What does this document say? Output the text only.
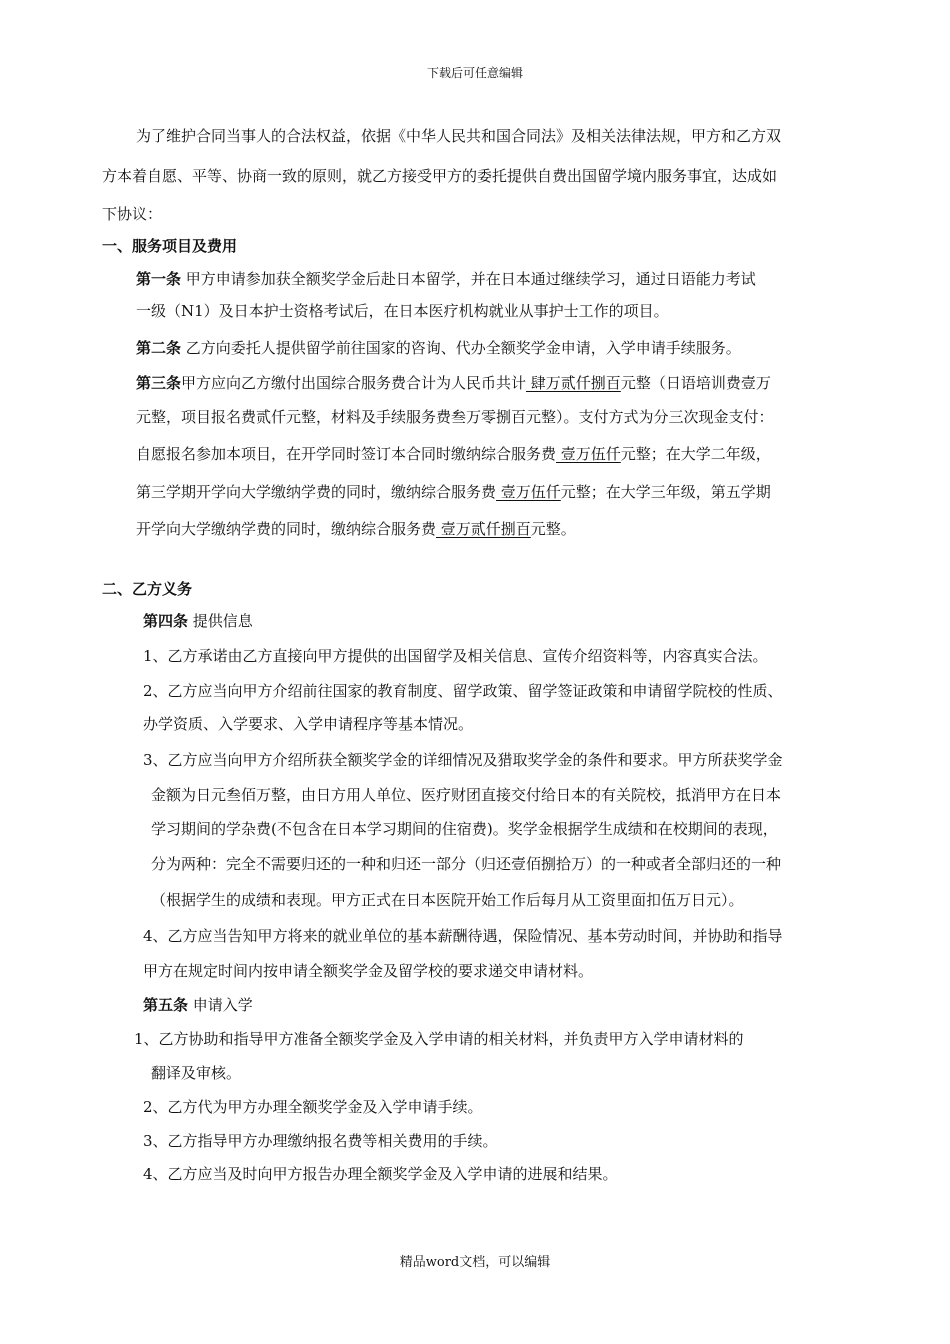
下载后可任意编辑
为了维护合同当事人的合法权益，依据《中华人民共和国合同法》及相关法律法规，甲方和乙方双
方本着自愿、平等、协商一致的原则，就乙方接受甲方的委托提供自费出国留学境内服务事宜，达成如
下协议：
一、服务项目及费用
第一条 甲方申请参加获全额奖学金后赴日本留学，并在日本通过继续学习，通过日语能力考试
一级（N1）及日本护士资格考试后，在日本医疗机构就业从事护士工作的项目。
第二条 乙方向委托人提供留学前往国家的咨询、代办全额奖学金申请，入学申请手续服务。
第三条甲方应向乙方缴付出国综合服务费合计为人民币共计 肆万贰仟捌百元整（日语培训费壹万
元整，项目报名费贰仟元整，材料及手续服务费叁万零捌百元整）。支付方式为分三次现金支付：
自愿报名参加本项目，在开学同时签订本合同时缴纳综合服务费 壹万伍仟元整；在大学二年级，
第三学期开学向大学缴纳学费的同时，缴纳综合服务费 壹万伍仟元整；在大学三年级，第五学期
开学向大学缴纳学费的同时，缴纳综合服务费 壹万贰仟捌百元整。
二、乙方义务
第四条 提供信息
1、乙方承诺由乙方直接向甲方提供的出国留学及相关信息、宣传介绍资料等，内容真实合法。
2、乙方应当向甲方介绍前往国家的教育制度、留学政策、留学签证政策和申请留学院校的性质、
办学资质、入学要求、入学申请程序等基本情况。
3、乙方应当向甲方介绍所获全额奖学金的详细情况及猎取奖学金的条件和要求。甲方所获奖学金
金额为日元叁佰万整，由日方用人单位、医疗财团直接交付给日本的有关院校，抵消甲方在日本
学习期间的学杂费(不包含在日本学习期间的住宿费)。奖学金根据学生成绩和在校期间的表现，
分为两种：完全不需要归还的一种和归还一部分（归还壹佰捌拾万）的一种或者全部归还的一种
（根据学生的成绩和表现。甲方正式在日本医院开始工作后每月从工资里面扣伍万日元）。
4、乙方应当告知甲方将来的就业单位的基本薪酬待遇，保险情况、基本劳动时间，并协助和指导
甲方在规定时间内按申请全额奖学金及留学校的要求递交申请材料。
第五条 申请入学
1、乙方协助和指导甲方准备全额奖学金及入学申请的相关材料，并负责甲方入学申请材料的
翻译及审核。
2、乙方代为甲方办理全额奖学金及入学申请手续。
3、乙方指导甲方办理缴纳报名费等相关费用的手续。
4、乙方应当及时向甲方报告办理全额奖学金及入学申请的进展和结果。
精品word文档，可以编辑
